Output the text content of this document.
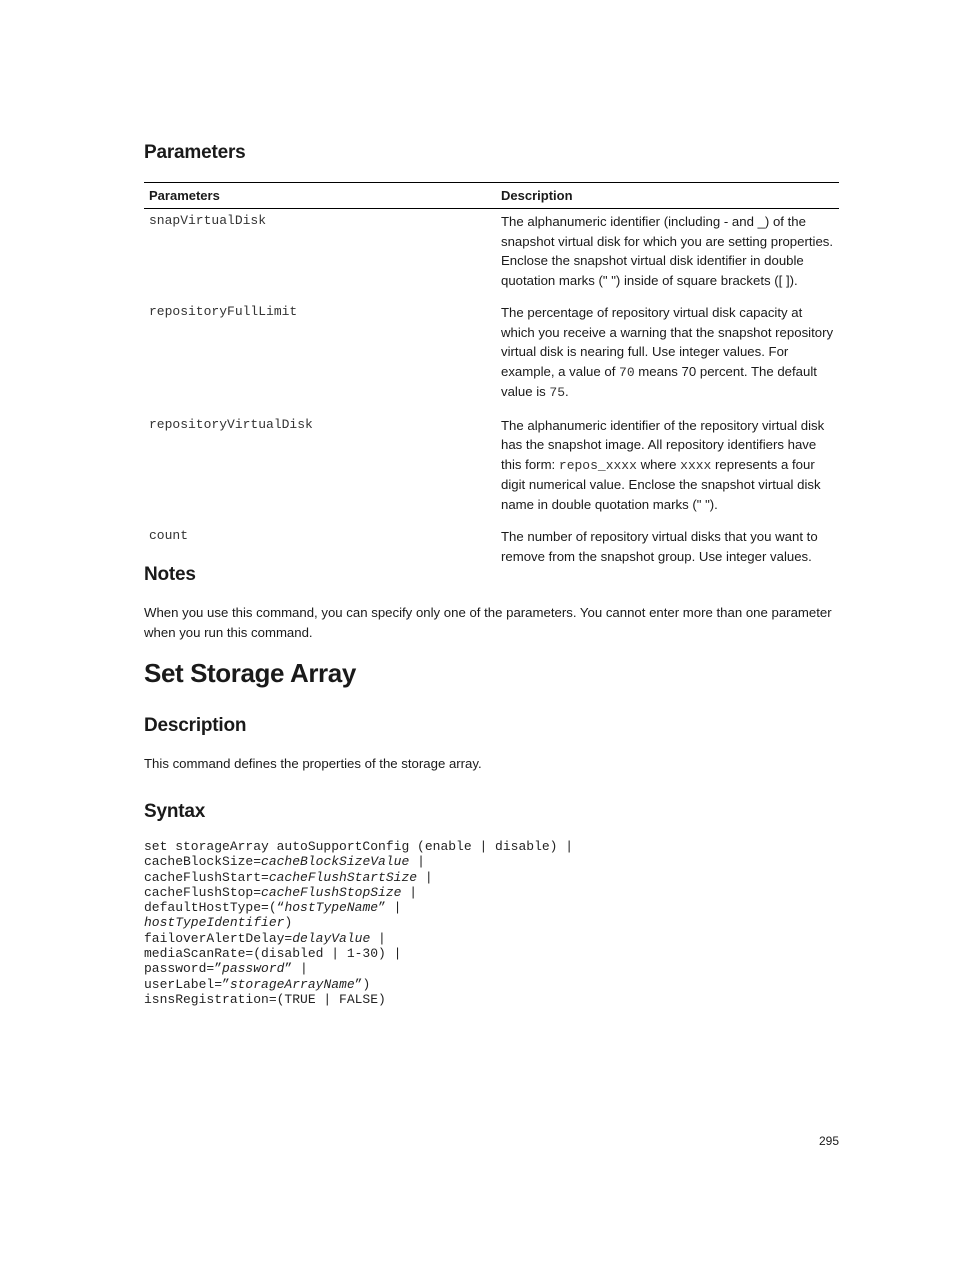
Parameters
Parameters	Description
snapVirtualDisk	The alphanumeric identifier (including - and _) of the snapshot virtual disk for which you are setting properties. Enclose the snapshot virtual disk identifier in double quotation marks (" ") inside of square brackets ([ ]).
repositoryFullLimit	The percentage of repository virtual disk capacity at which you receive a warning that the snapshot repository virtual disk is nearing full. Use integer values. For example, a value of 70 means 70 percent. The default value is 75.
repositoryVirtualDisk	The alphanumeric identifier of the repository virtual disk has the snapshot image. All repository identifiers have this form: repos_xxxx where xxxx represents a four digit numerical value. Enclose the snapshot virtual disk name in double quotation marks (" ").
count	The number of repository virtual disks that you want to remove from the snapshot group. Use integer values.
Notes

When you use this command, you can specify only one of the parameters. You cannot enter more than one parameter when you run this command.

Set Storage Array
Description

This command defines the properties of the storage array.

Syntax
set storageArray autoSupportConfig (enable | disable) |
cacheBlockSize=cacheBlockSizeValue |
cacheFlushStart=cacheFlushStartSize |
cacheFlushStop=cacheFlushStopSize |
defaultHostType=(“hostTypeName” |
hostTypeIdentifier)
failoverAlertDelay=delayValue |
mediaScanRate=(disabled | 1-30) |
password=”password” |
userLabel=”storageArrayName”)
isnsRegistration=(TRUE | FALSE)
295
